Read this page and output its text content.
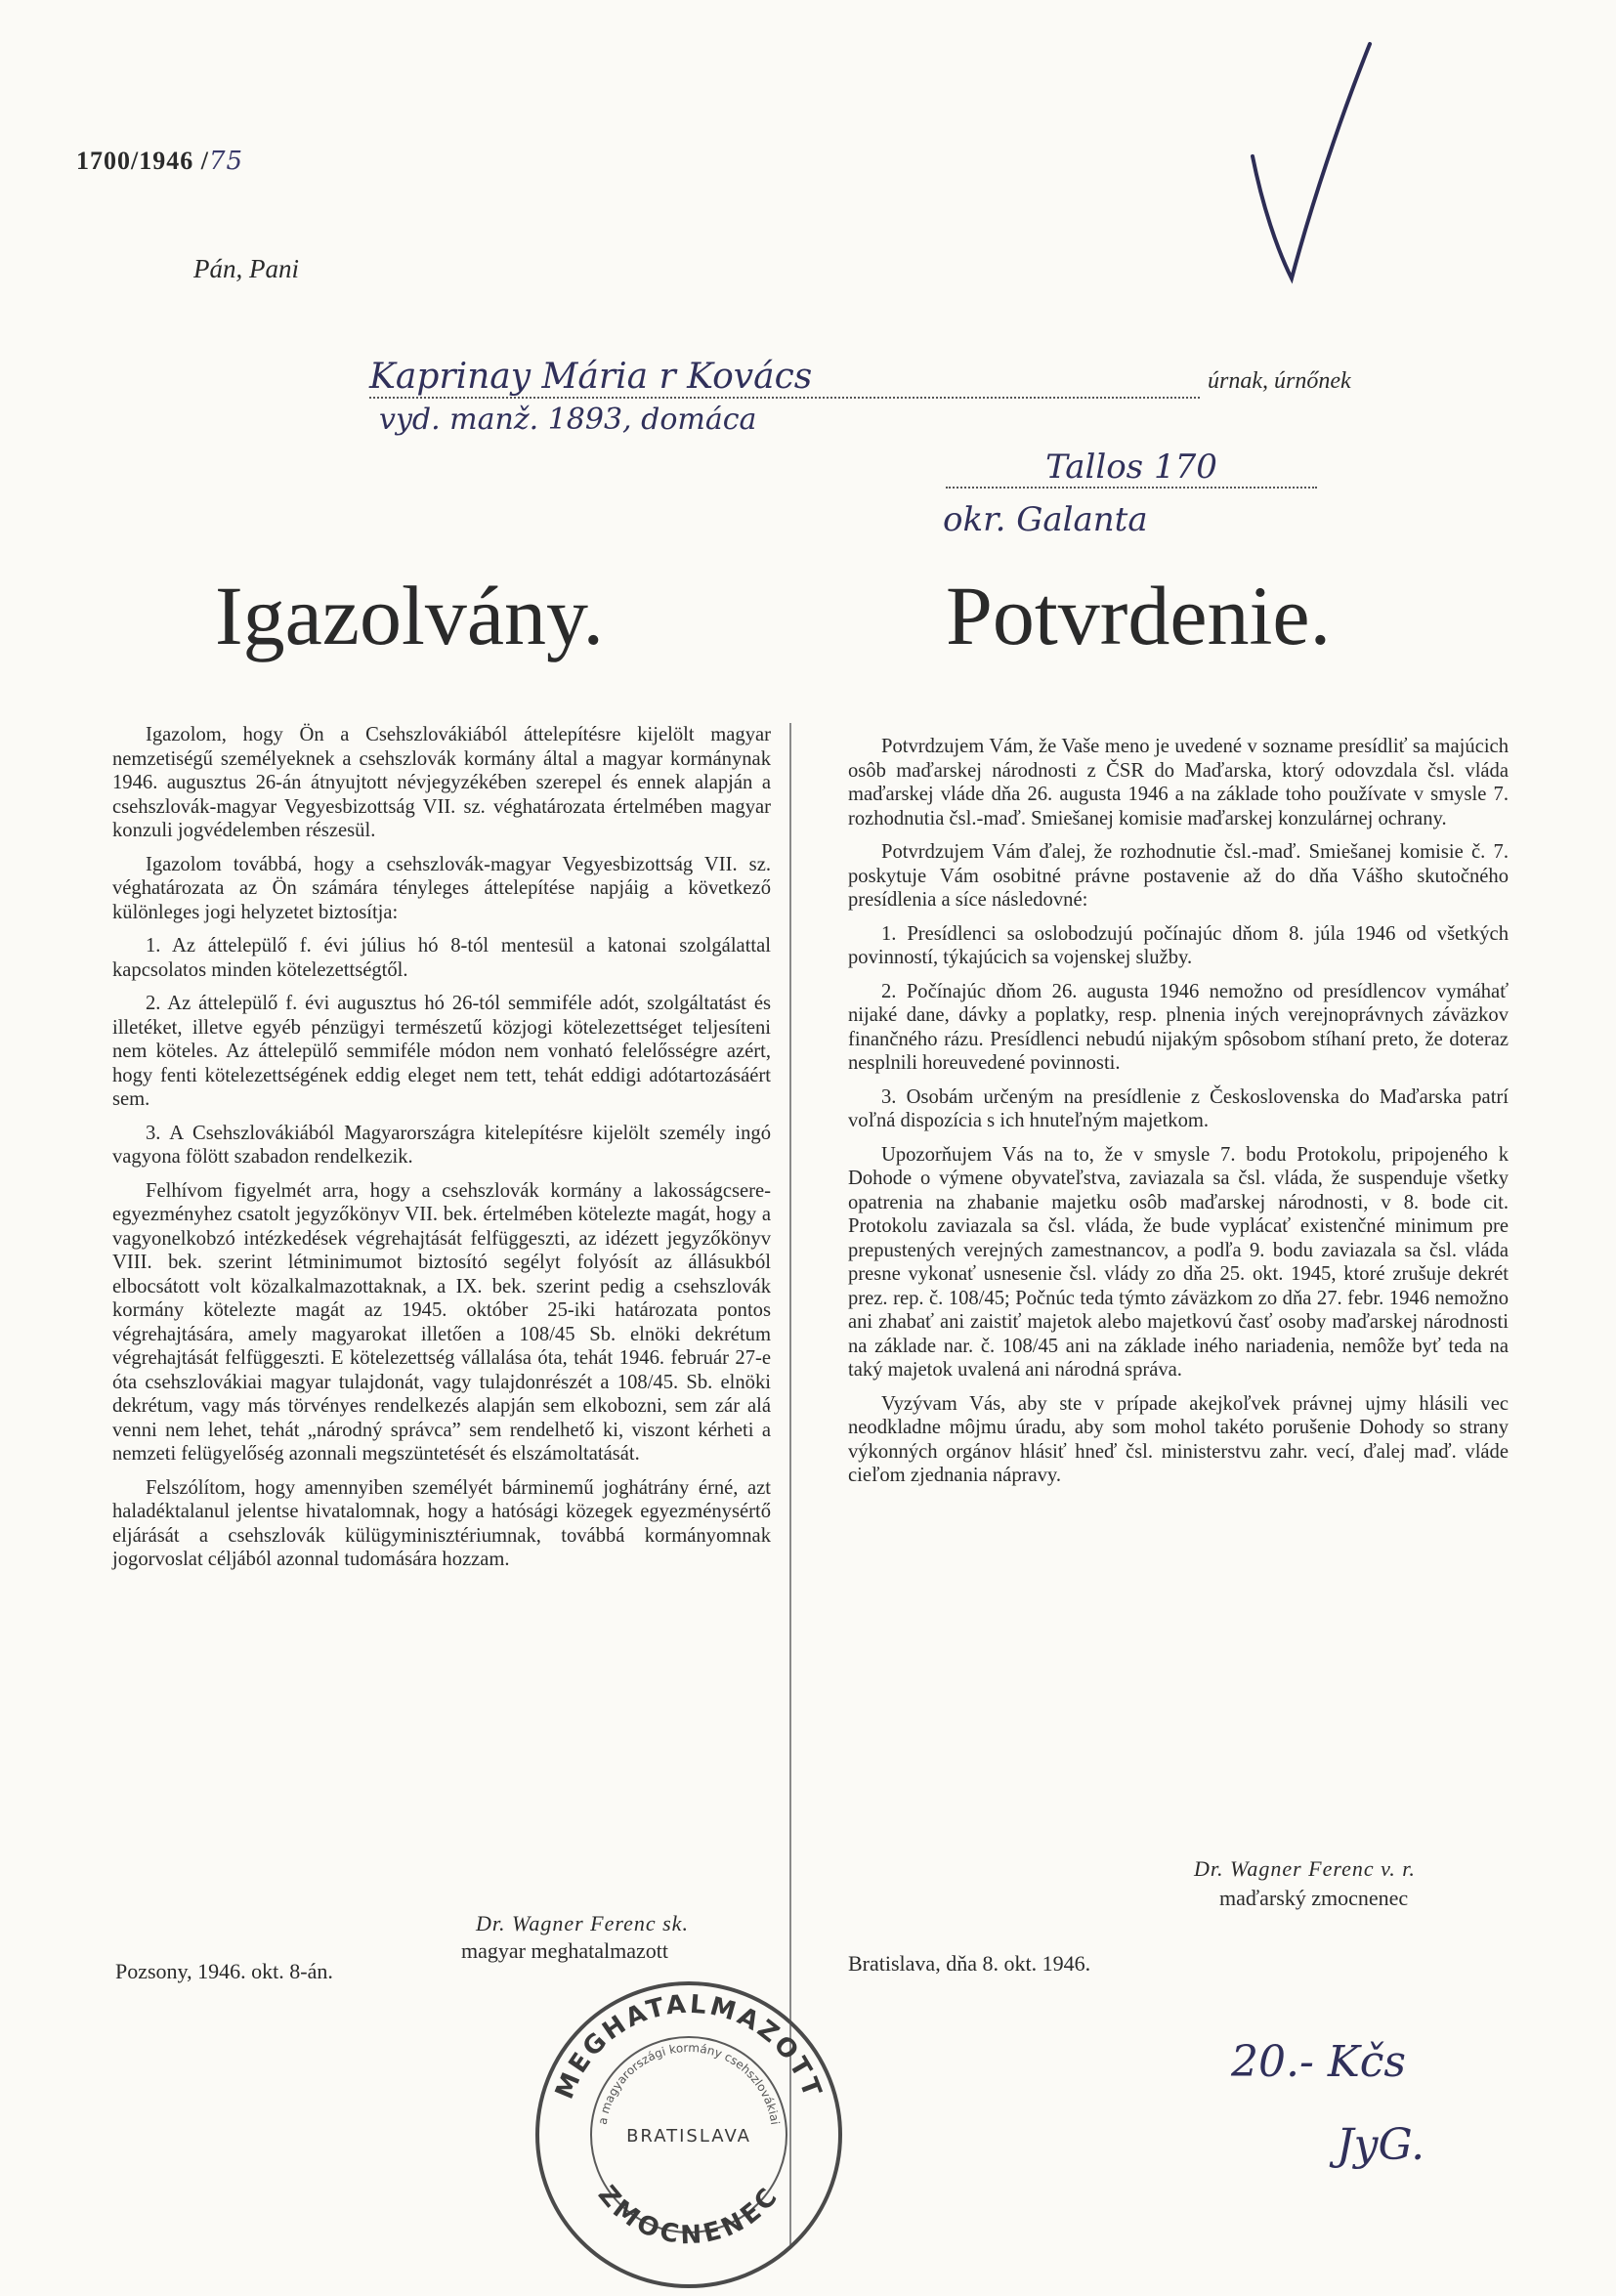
1700/1946 /75
Pán, Pani
Kaprinay Mária r Kovács	úrnak, úrnőnek
vyd. manž. 1893, domáca
Tallos 170
okr. Galanta
Igazolvány.	Potvrdenie.

Igazolom, hogy Ön a Csehszlovákiából áttelepítésre kijelölt magyar nemzetiségű személyeknek a csehszlovák kormány által a magyar kormánynak 1946. augusztus 26-án átnyujtott névjegyzékében szerepel és ennek alapján a csehszlovák-magyar Vegyesbizottság VII. sz. véghatározata értelmében magyar konzuli jogvédelemben részesül.

Igazolom továbbá, hogy a csehszlovák-magyar Vegyesbizottság VII. sz. véghatározata az Ön számára tényleges áttelepítése napjáig a következő különleges jogi helyzetet biztosítja:

1. Az áttelepülő f. évi július hó 8-tól mentesül a katonai szolgálattal kapcsolatos minden kötelezettségtől.

2. Az áttelepülő f. évi augusztus hó 26-tól semmiféle adót, szolgáltatást és illetéket, illetve egyéb pénzügyi természetű közjogi kötelezettséget teljesíteni nem köteles. Az áttelepülő semmiféle módon nem vonható felelősségre azért, hogy fenti kötelezettségének eddig eleget nem tett, tehát eddigi adótartozásáért sem.

3. A Csehszlovákiából Magyarországra kitelepítésre kijelölt személy ingó vagyona fölött szabadon rendelkezik.

Felhívom figyelmét arra, hogy a csehszlovák kormány a lakosságcsere-egyezményhez csatolt jegyzőkönyv VII. bek. értelmében kötelezte magát, hogy a vagyonelkobzó intézkedések végrehajtását felfüggeszti, az idézett jegyzőkönyv VIII. bek. szerint létminimumot biztosító segélyt folyósít az állásukból elbocsátott volt közalkalmazottaknak, a IX. bek. szerint pedig a csehszlovák kormány kötelezte magát az 1945. október 25-iki határozata pontos végrehajtására, amely magyarokat illetően a 108/45 Sb. elnöki dekrétum végrehajtását felfüggeszti. E kötelezettség vállalása óta, tehát 1946. február 27-e óta csehszlovákiai magyar tulajdonát, vagy tulajdonrészét a 108/45. Sb. elnöki dekrétum, vagy más törvényes rendelkezés alapján sem elkobozni, sem zár alá venni nem lehet, tehát „národný správca” sem rendelhető ki, viszont kérheti a nemzeti felügyelőség azonnali megszüntetését és elszámoltatását.

Felszólítom, hogy amennyiben személyét bárminemű joghátrány érné, azt haladéktalanul jelentse hivatalomnak, hogy a hatósági közegek egyezménysértő eljárását a csehszlovák külügyminisztériumnak, továbbá kormányomnak jogorvoslat céljából azonnal tudomására hozzam.

Potvrdzujem Vám, že Vaše meno je uvedené v sozname presídliť sa majúcich osôb maďarskej národnosti z ČSR do Maďarska, ktorý odovzdala čsl. vláda maďarskej vláde dňa 26. augusta 1946 a na základe toho používate v smysle 7. rozhodnutia čsl.-maď. Smiešanej komisie maďarskej konzulárnej ochrany.

Potvrdzujem Vám ďalej, že rozhodnutie čsl.-maď. Smiešanej komisie č. 7. poskytuje Vám osobitné právne postavenie až do dňa Vášho skutočného presídlenia a síce následovné:

1. Presídlenci sa oslobodzujú počínajúc dňom 8. júla 1946 od všetkých povinností, týkajúcich sa vojenskej služby.

2. Počínajúc dňom 26. augusta 1946 nemožno od presídlencov vymáhať nijaké dane, dávky a poplatky, resp. plnenia iných verejnoprávnych záväzkov finančného rázu. Presídlenci nebudú nijakým spôsobom stíhaní preto, že doteraz nesplnili horeuvedené povinnosti.

3. Osobám určeným na presídlenie z Československa do Maďarska patrí voľná dispozícia s ich hnuteľným majetkom.

Upozorňujem Vás na to, že v smysle 7. bodu Protokolu, pripojeného k Dohode o výmene obyvateľstva, zaviazala sa čsl. vláda, že suspenduje všetky opatrenia na zhabanie majetku osôb maďarskej národnosti, v 8. bode cit. Protokolu zaviazala sa čsl. vláda, že bude vyplácať existenčné minimum pre prepustených verejných zamestnancov, a podľa 9. bodu zaviazala sa čsl. vláda presne vykonať usnesenie čsl. vlády zo dňa 25. okt. 1945, ktoré zrušuje dekrét prez. rep. č. 108/45; Počnúc teda týmto záväzkom zo dňa 27. febr. 1946 nemožno ani zhabať ani zaistiť majetok alebo majetkovú časť osoby maďarskej národnosti na základe nar. č. 108/45 ani na základe iného nariadenia, nemôže byť teda na taký majetok uvalená ani národná správa.

Vyzývam Vás, aby ste v prípade akejkoľvek právnej ujmy hlásili vec neodkladne môjmu úradu, aby som mohol takéto porušenie Dohody so strany výkonných orgánov hlásiť hneď čsl. ministerstvu zahr. vecí, ďalej maď. vláde cieľom zjednania nápravy.

Dr. Wagner Ferenc v. r.
maďarský zmocnenec
Dr. Wagner Ferenc sk.
magyar meghatalmazott
Pozsony, 1946. okt. 8-án.	Bratislava, dňa 8. okt. 1946.
20.- Kčs
JyG.
MEGHATALMAZOTT
ZMOCNENEC
a magyarországi kormány csehszlovákiai
BRATISLAVA
